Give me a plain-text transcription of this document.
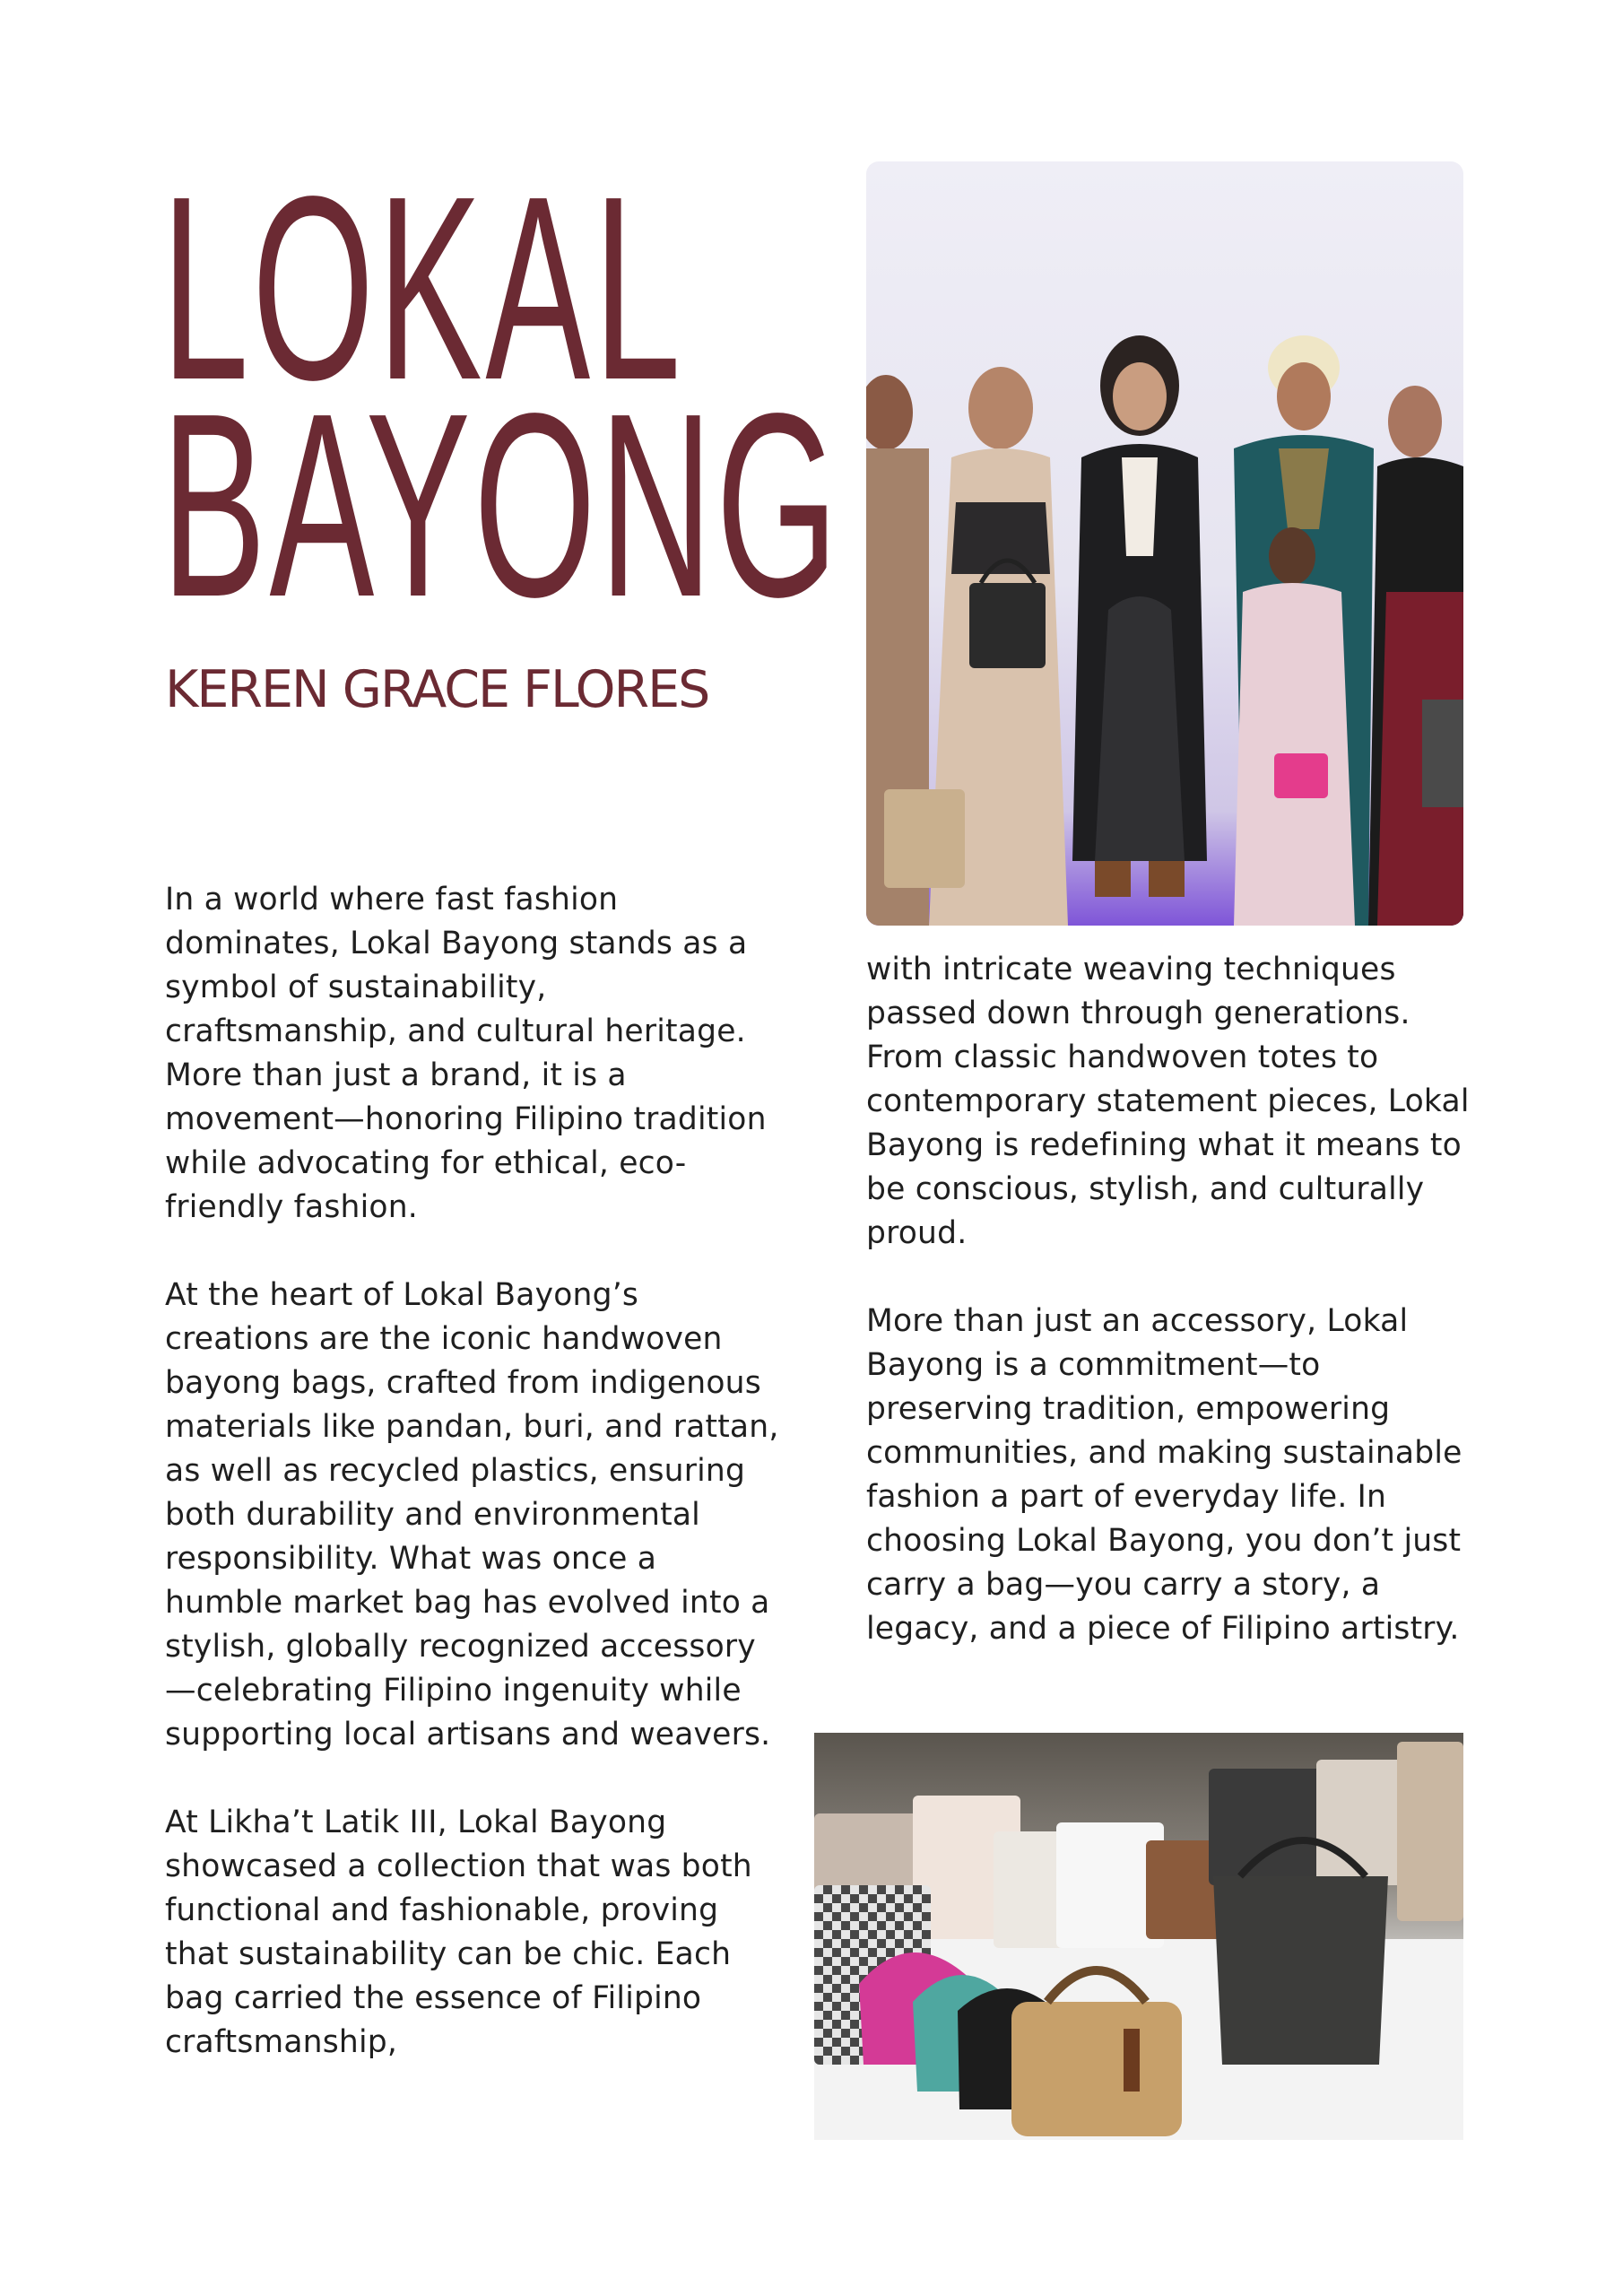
LOKAL
BAYONG
KEREN GRACE FLORES

In a world where fast fashion dominates, Lokal Bayong stands as a symbol of sustainability, craftsmanship, and cultural heritage. More than just a brand, it is a movement—honoring Filipino tradition while advocating for ethical, eco-friendly fashion.

At the heart of Lokal Bayong’s creations are the iconic handwoven bayong bags, crafted from indigenous materials like pandan, buri, and rattan, as well as recycled plastics, ensuring both durability and environmental responsibility. What was once a humble market bag has evolved into a stylish, globally recognized accessory—celebrating Filipino ingenuity while supporting local artisans and weavers.

At Likha’t Latik III, Lokal Bayong showcased a collection that was both functional and fashionable, proving that sustainability can be chic. Each bag carried the essence of Filipino craftsmanship,

with intricate weaving techniques passed down through generations. From classic handwoven totes to contemporary statement pieces, Lokal Bayong is redefining what it means to be conscious, stylish, and culturally proud.

More than just an accessory, Lokal Bayong is a commitment—to preserving tradition, empowering communities, and making sustainable fashion a part of everyday life. In choosing Lokal Bayong, you don’t just carry a bag—you carry a story, a legacy, and a piece of Filipino artistry.
